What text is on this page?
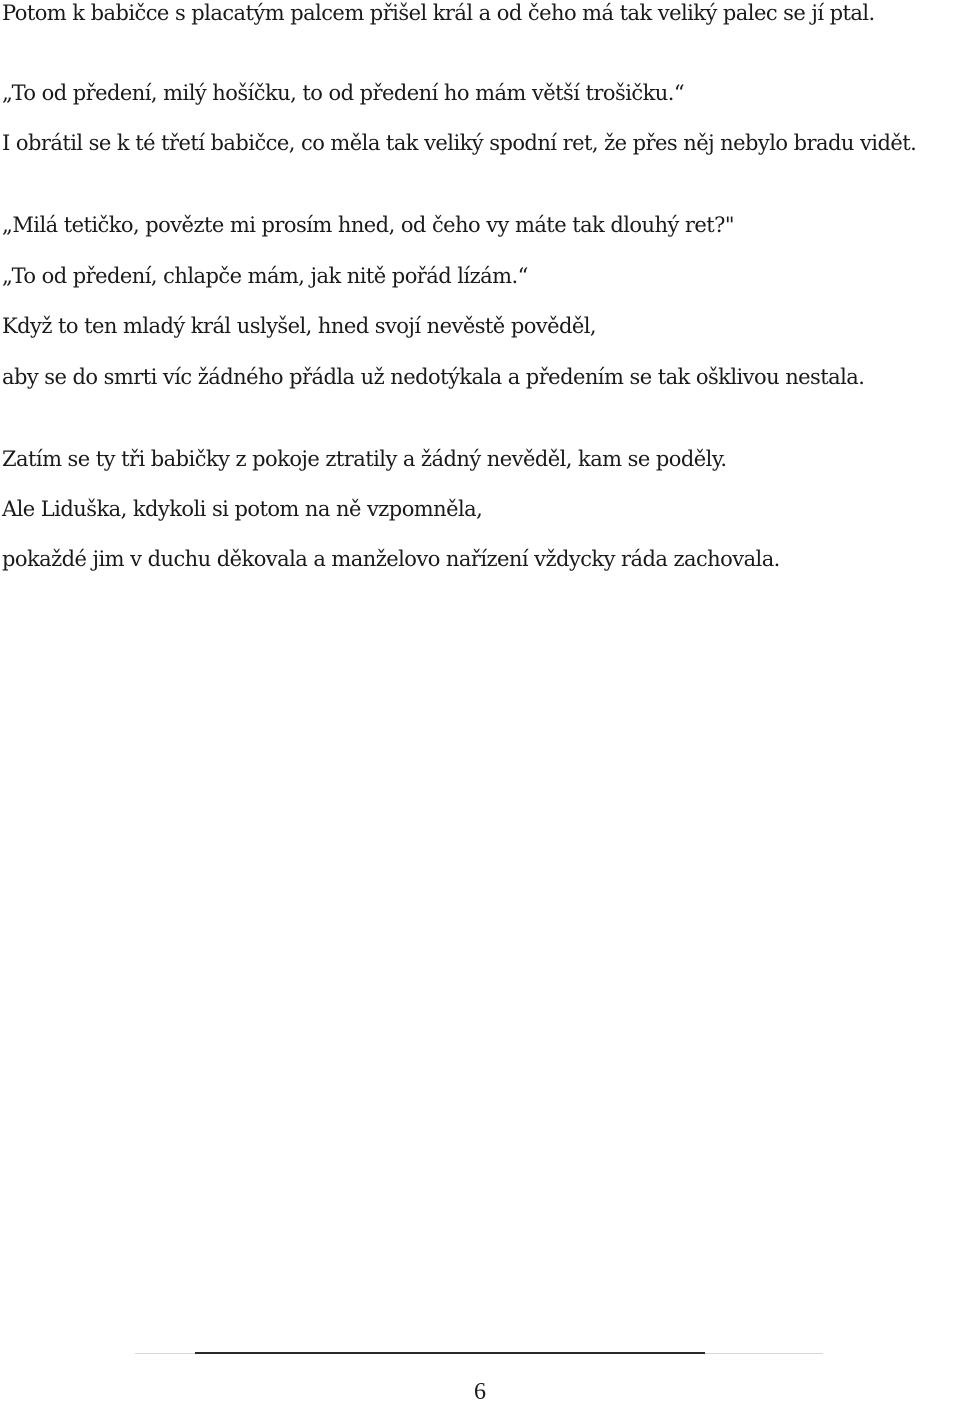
Potom k babičce s placatým palcem přišel král a od čeho má tak veliký palec se jí ptal.

„To od předení, milý hošíčku, to od předení ho mám větší trošičku.“

I obrátil se k té třetí babičce, co měla tak veliký spodní ret, že přes něj nebylo bradu vidět.

„Milá tetičko, povězte mi prosím hned, od čeho vy máte tak dlouhý ret?"

„To od předení, chlapče mám, jak nitě pořád lízám.“

Když to ten mladý král uslyšel, hned svojí nevěstě pověděl,

aby se do smrti víc žádného přádla už nedotýkala a předením se tak ošklivou nestala.

Zatím se ty tři babičky z pokoje ztratily a žádný nevěděl, kam se poděly.

Ale Liduška, kdykoli si potom na ně vzpomněla,

pokaždé jim v duchu děkovala a manželovo nařízení vždycky ráda zachovala.

6
